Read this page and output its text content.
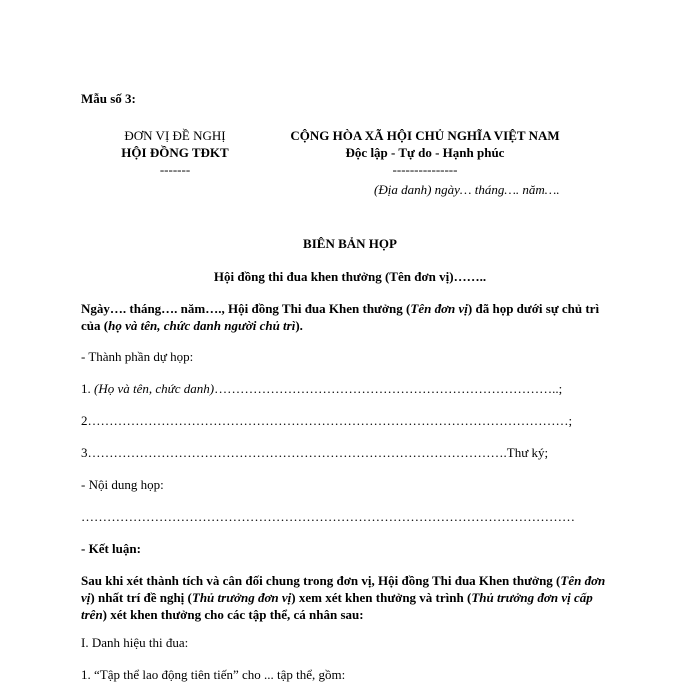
Mẫu số 3:
ĐƠN VỊ ĐỀ NGHỊ
HỘI ĐỒNG TĐKT
-------
CỘNG HÒA XÃ HỘI CHỦ NGHĨA VIỆT NAM
Độc lập - Tự do - Hạnh phúc
---------------
(Địa danh) ngày… tháng…. năm….
BIÊN BẢN HỌP
Hội đồng thi đua khen thưởng (Tên đơn vị)……..
Ngày…. tháng…. năm…., Hội đồng Thi đua Khen thưởng (Tên đơn vị) đã họp dưới sự chủ trì của (họ và tên, chức danh người chủ trì).
- Thành phần dự họp:
1. (Họ và tên, chức danh)……………………………………………………………………..;
2…………………………………………………………………………………………………;
3…………………………………………………………………………………….Thư ký;
- Nội dung họp:
……………………………………………………………………………………………………
- Kết luận:
Sau khi xét thành tích và cân đối chung trong đơn vị, Hội đồng Thi đua Khen thưởng (Tên đơn vị) nhất trí đề nghị (Thủ trưởng đơn vị) xem xét khen thưởng và trình (Thủ trưởng đơn vị cấp trên) xét khen thưởng cho các tập thể, cá nhân sau:
I. Danh hiệu thi đua:
1. “Tập thể lao động tiên tiến” cho ... tập thể, gồm:
